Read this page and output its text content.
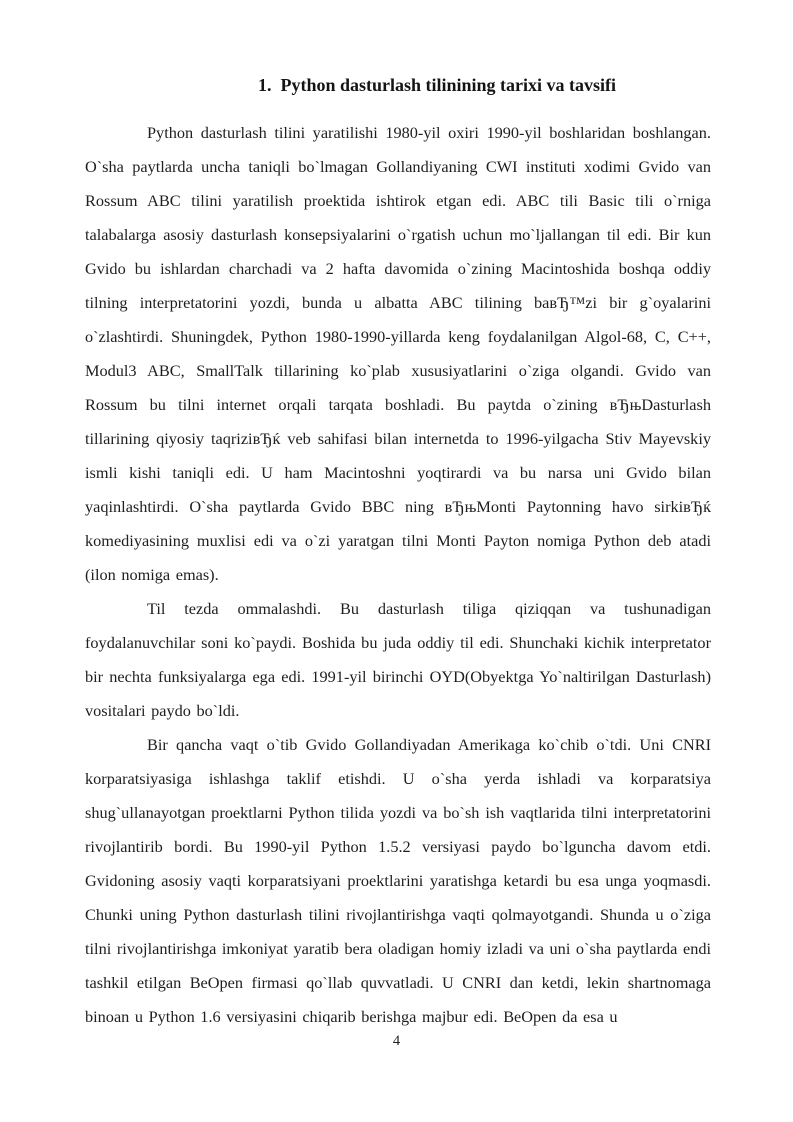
1.  Python dasturlash tilinining tarixi va tavsifi

Python dasturlash tilini yaratilishi 1980-yil oxiri 1990-yil boshlaridan boshlangan. O`sha paytlarda uncha taniqli bo`lmagan Gollandiyaning CWI instituti xodimi Gvido van Rossum ABC tilini yaratilish proektida ishtirok etgan edi. ABC tili Basic tili o`rniga talabalarga asosiy dasturlash konsepsiyalarini o`rgatish uchun mo`ljallangan til edi. Bir kun Gvido bu ishlardan charchadi va 2 hafta davomida o`zining Macintoshida boshqa oddiy tilning interpretatorini yozdi, bunda u albatta ABC tilining baвЂ™zi bir g`oyalarini o`zlashtirdi. Shuningdek, Python 1980-1990-yillarda keng foydalanilgan Algol-68, C, C++, Modul3 ABC, SmallTalk tillarining ko`plab xususiyatlarini o`ziga olgandi. Gvido van Rossum bu tilni internet orqali tarqata boshladi. Bu paytda o`zining вЂњDasturlash tillarining qiyosiy taqriziвЂќ veb sahifasi bilan internetda to 1996-yilgacha Stiv Mayevskiy ismli kishi taniqli edi. U ham Macintoshni yoqtirardi va bu narsa uni Gvido bilan yaqinlashtirdi. O`sha paytlarda Gvido BBC ning вЂњMonti Paytonning havo sirkiвЂќ komediyasining muxlisi edi va o`zi yaratgan tilni Monti Payton nomiga Python deb atadi (ilon nomiga emas).

Til tezda ommalashdi. Bu dasturlash tiliga qiziqqan va tushunadigan foydalanuvchilar soni ko`paydi. Boshida bu juda oddiy til edi. Shunchaki kichik interpretator bir nechta funksiyalarga ega edi. 1991-yil birinchi OYD(Obyektga Yo`naltirilgan Dasturlash) vositalari paydo bo`ldi.

Bir qancha vaqt o`tib Gvido Gollandiyadan Amerikaga ko`chib o`tdi. Uni CNRI korparatsiyasiga ishlashga taklif etishdi. U o`sha yerda ishladi va korparatsiya shug`ullanayotgan proektlarni Python tilida yozdi va bo`sh ish vaqtlarida tilni interpretatorini rivojlantirib bordi. Bu 1990-yil Python 1.5.2 versiyasi paydo bo`lguncha davom etdi. Gvidoning asosiy vaqti korparatsiyani proektlarini yaratishga ketardi bu esa unga yoqmasdi. Chunki uning Python dasturlash tilini rivojlantirishga vaqti qolmayotgandi. Shunda u o`ziga tilni rivojlantirishga imkoniyat yaratib bera oladigan homiy izladi va uni o`sha paytlarda endi tashkil etilgan BeOpen firmasi qo`llab quvvatladi. U CNRI dan ketdi, lekin shartnomaga binoan u Python 1.6 versiyasini chiqarib berishga majbur edi. BeOpen da esa u

4
